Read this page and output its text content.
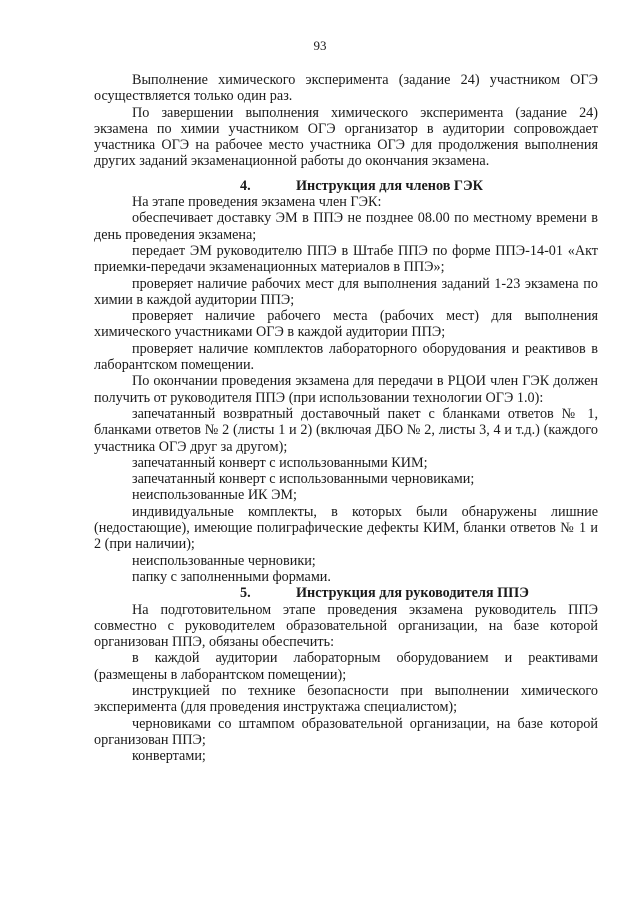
93

Выполнение химического эксперимента (задание 24) участником ОГЭ осуществляется только один раз.

По завершении выполнения химического эксперимента (задание 24) экзамена по химии участником ОГЭ организатор в аудитории сопровождает участника ОГЭ на рабочее место участника ОГЭ для продолжения выполнения других заданий экзаменационной работы до окончания экзамена.

4.	Инструкция для членов ГЭК

На этапе проведения экзамена член ГЭК:

обеспечивает доставку ЭМ в ППЭ не позднее 08.00 по местному времени в день проведения экзамена;

передает ЭМ руководителю ППЭ в Штабе ППЭ по форме ППЭ-14-01 «Акт приемки-передачи экзаменационных материалов в ППЭ»;

проверяет наличие рабочих мест для выполнения заданий 1-23 экзамена по химии в каждой аудитории ППЭ;

проверяет наличие рабочего места (рабочих мест) для выполнения химического участниками ОГЭ в каждой аудитории ППЭ;

проверяет наличие комплектов лабораторного оборудования и реактивов в лаборантском помещении.

По окончании проведения экзамена для передачи в РЦОИ член ГЭК должен получить от руководителя ППЭ (при использовании технологии ОГЭ 1.0):

запечатанный возвратный доставочный пакет с бланками ответов № 1, бланками ответов № 2 (листы 1 и 2) (включая ДБО № 2, листы 3, 4 и т.д.) (каждого участника ОГЭ друг за другом);

запечатанный конверт с использованными КИМ;

запечатанный конверт с использованными черновиками;

неиспользованные ИК ЭМ;

индивидуальные комплекты, в которых были обнаружены лишние (недостающие), имеющие полиграфические дефекты КИМ, бланки ответов № 1 и 2 (при наличии);

неиспользованные черновики;

папку с заполненными формами.

5.	Инструкция для руководителя ППЭ

На подготовительном этапе проведения экзамена руководитель ППЭ совместно с руководителем образовательной организации, на базе которой организован ППЭ, обязаны обеспечить:

в каждой аудитории лабораторным оборудованием и реактивами (размещены в лаборантском помещении);

инструкцией по технике безопасности при выполнении химического эксперимента (для проведения инструктажа специалистом);

черновиками со штампом образовательной организации, на базе которой организован ППЭ;

конвертами;
